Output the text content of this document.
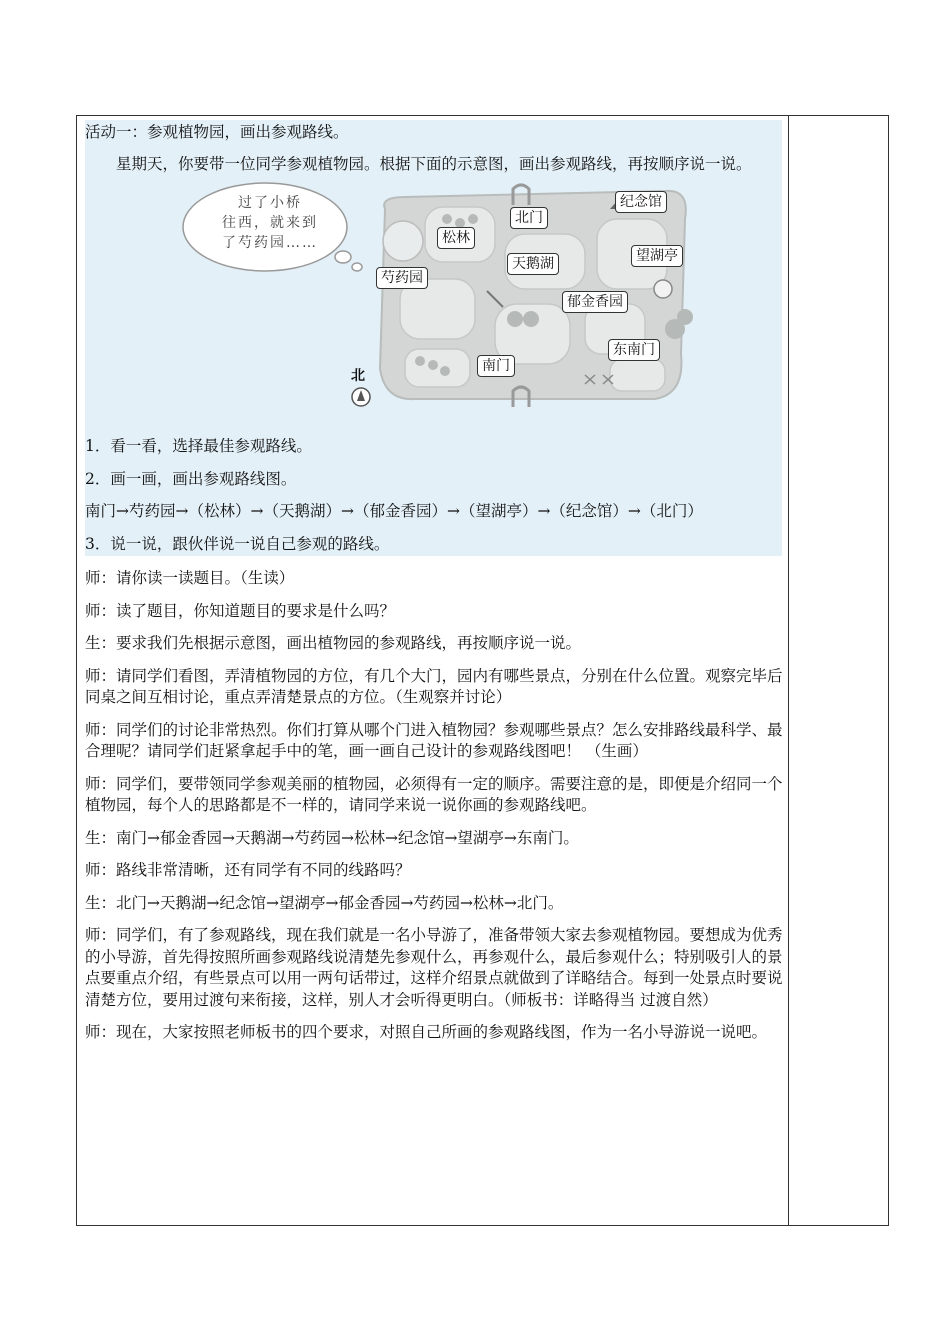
活动一：参观植物园，画出参观路线。

星期天，你要带一位同学参观植物园。根据下面的示意图，画出参观路线，再按顺序说一说。

过了小桥
往西，就来到
了芍药园……
北门
纪念馆
松林
望湖亭
天鹅湖
芍药园
郁金香园
东南门
南门
北

1．看一看，选择最佳参观路线。

2．画一画，画出参观路线图。

南门→芍药园→（松林）→（天鹅湖）→（郁金香园）→（望湖亭）→（纪念馆）→（北门）

3．说一说，跟伙伴说一说自己参观的路线。

师：请你读一读题目。（生读）

师：读了题目，你知道题目的要求是什么吗？

生：要求我们先根据示意图，画出植物园的参观路线，再按顺序说一说。

师：请同学们看图，弄清植物园的方位，有几个大门，园内有哪些景点，分别在什么位置。观察完毕后同桌之间互相讨论，重点弄清楚景点的方位。（生观察并讨论）

师：同学们的讨论非常热烈。你们打算从哪个门进入植物园？参观哪些景点？怎么安排路线最科学、最合理呢？请同学们赶紧拿起手中的笔，画一画自己设计的参观路线图吧！ （生画）

师：同学们，要带领同学参观美丽的植物园，必须得有一定的顺序。需要注意的是，即便是介绍同一个植物园，每个人的思路都是不一样的，请同学来说一说你画的参观路线吧。

生：南门→郁金香园→天鹅湖→芍药园→松林→纪念馆→望湖亭→东南门。

师：路线非常清晰，还有同学有不同的线路吗？

生：北门→天鹅湖→纪念馆→望湖亭→郁金香园→芍药园→松林→北门。

师：同学们，有了参观路线，现在我们就是一名小导游了，准备带领大家去参观植物园。要想成为优秀的小导游，首先得按照所画参观路线说清楚先参观什么，再参观什么，最后参观什么；特别吸引人的景点要重点介绍，有些景点可以用一两句话带过，这样介绍景点就做到了详略结合。每到一处景点时要说清楚方位，要用过渡句来衔接，这样，别人才会听得更明白。（师板书：详略得当 过渡自然）

师：现在，大家按照老师板书的四个要求，对照自己所画的参观路线图，作为一名小导游说一说吧。
